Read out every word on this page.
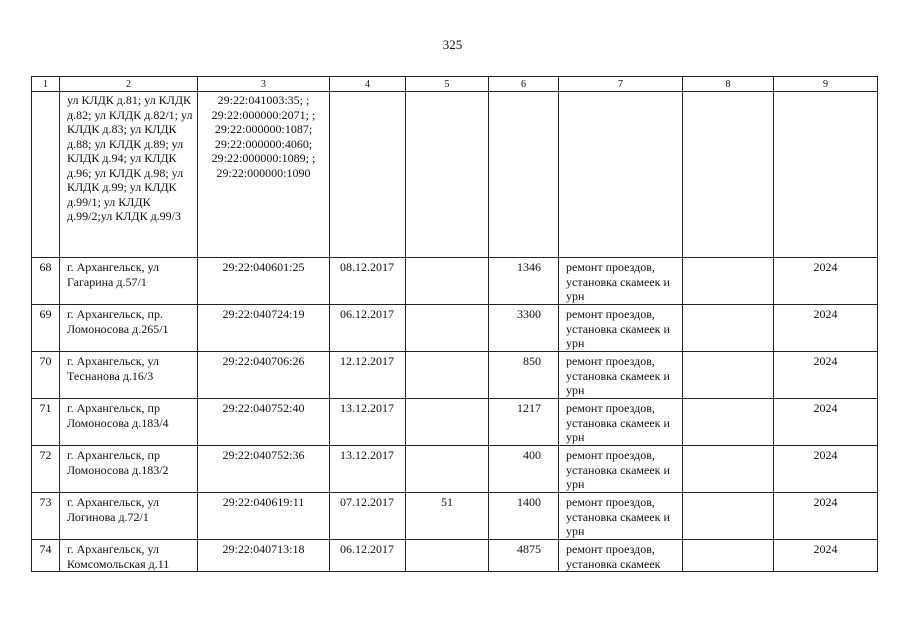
325
1	2	3	4	5	6	7	8	9
	ул КЛДК д.81; ул КЛДК д.82; ул КЛДК д.82/1; ул КЛДК д.83; ул КЛДК д.88; ул КЛДК д.89; ул КЛДК д.94; ул КЛДК д.96; ул КЛДК д.98; ул КЛДК д.99; ул КЛДК д.99/1; ул КЛДК д.99/2;ул КЛДК д.99/3	29:22:041003:35; ; 29:22:000000:2071; ; 29:22:000000:1087; 29:22:000000:4060; 29:22:000000:1089; ; 29:22:000000:1090						
68	г. Архангельск, ул Гагарина д.57/1	29:22:040601:25	08.12.2017		1346	ремонт проездов, установка скамеек и урн		2024
69	г. Архангельск, пр. Ломоносова д.265/1	29:22:040724:19	06.12.2017		3300	ремонт проездов, установка скамеек и урн		2024
70	г. Архангельск, ул Теснанова д.16/3	29:22:040706:26	12.12.2017		850	ремонт проездов, установка скамеек и урн		2024
71	г. Архангельск, пр Ломоносова д.183/4	29:22:040752:40	13.12.2017		1217	ремонт проездов, установка скамеек и урн		2024
72	г. Архангельск, пр Ломоносова д.183/2	29:22:040752:36	13.12.2017		400	ремонт проездов, установка скамеек и урн		2024
73	г. Архангельск, ул Логинова д.72/1	29:22:040619:11	07.12.2017	51	1400	ремонт проездов, установка скамеек и урн		2024
74	г. Архангельск, ул Комсомольская д.11	29:22:040713:18	06.12.2017		4875	ремонт проездов, установка скамеек		2024
